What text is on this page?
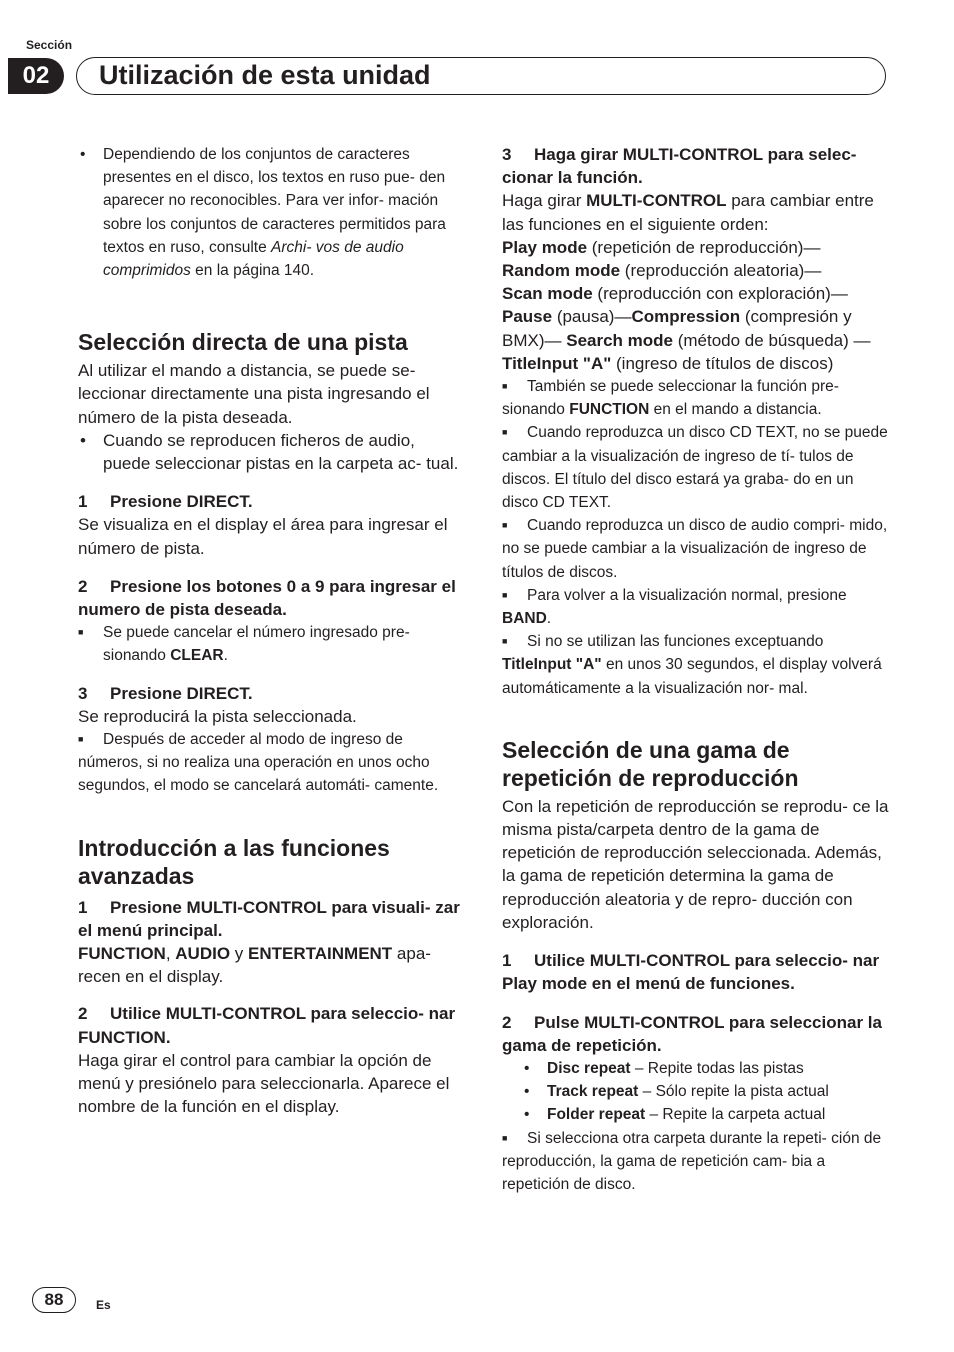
Sección
02	Utilización de esta unidad

• Dependiendo de los conjuntos de caracteres presentes en el disco, los textos en ruso pue- den aparecer no reconocibles. Para ver infor- mación sobre los conjuntos de caracteres permitidos para textos en ruso, consulte Archi- vos de audio comprimidos en la página 140.

Selección directa de una pista

Al utilizar el mando a distancia, se puede se- leccionar directamente una pista ingresando el número de la pista deseada.

• Cuando se reproducen ficheros de audio, puede seleccionar pistas en la carpeta ac- tual.

1 Presione DIRECT.

Se visualiza en el display el área para ingresar el número de pista.

2 Presione los botones 0 a 9 para ingresar el numero de pista deseada.

■ Se puede cancelar el número ingresado pre- sionando CLEAR.

3 Presione DIRECT.

Se reproducirá la pista seleccionada.

■ Después de acceder al modo de ingreso de números, si no realiza una operación en unos ocho segundos, el modo se cancelará automáti- camente.

Introducción a las funciones avanzadas

1 Presione MULTI-CONTROL para visuali- zar el menú principal.

FUNCTION, AUDIO y ENTERTAINMENT apa- recen en el display.

2 Utilice MULTI-CONTROL para seleccio- nar FUNCTION.

Haga girar el control para cambiar la opción de menú y presiónelo para seleccionarla. Aparece el nombre de la función en el display.

3 Haga girar MULTI-CONTROL para selec- cionar la función.

Haga girar MULTI-CONTROL para cambiar entre las funciones en el siguiente orden:

Play mode (repetición de reproducción)—

Random mode (reproducción aleatoria)—

Scan mode (reproducción con exploración)—

Pause (pausa)—Compression (compresión y BMX)— Search mode (método de búsqueda) —TitleInput "A" (ingreso de títulos de discos)

■ También se puede seleccionar la función pre- sionando FUNCTION en el mando a distancia.

■ Cuando reproduzca un disco CD TEXT, no se puede cambiar a la visualización de ingreso de tí- tulos de discos. El título del disco estará ya graba- do en un disco CD TEXT.

■ Cuando reproduzca un disco de audio compri- mido, no se puede cambiar a la visualización de ingreso de títulos de discos.

■ Para volver a la visualización normal, presione BAND.

■ Si no se utilizan las funciones exceptuando TitleInput "A" en unos 30 segundos, el display volverá automáticamente a la visualización nor- mal.

Selección de una gama de repetición de reproducción

Con la repetición de reproducción se reprodu- ce la misma pista/carpeta dentro de la gama de repetición de reproducción seleccionada. Además, la gama de repetición determina la gama de reproducción aleatoria y de repro- ducción con exploración.

1 Utilice MULTI-CONTROL para seleccio- nar Play mode en el menú de funciones.

2 Pulse MULTI-CONTROL para seleccionar la gama de repetición.

• Disc repeat – Repite todas las pistas

• Track repeat – Sólo repite la pista actual

• Folder repeat – Repite la carpeta actual

■ Si selecciona otra carpeta durante la repeti- ción de reproducción, la gama de repetición cam- bia a repetición de disco.

88	Es
